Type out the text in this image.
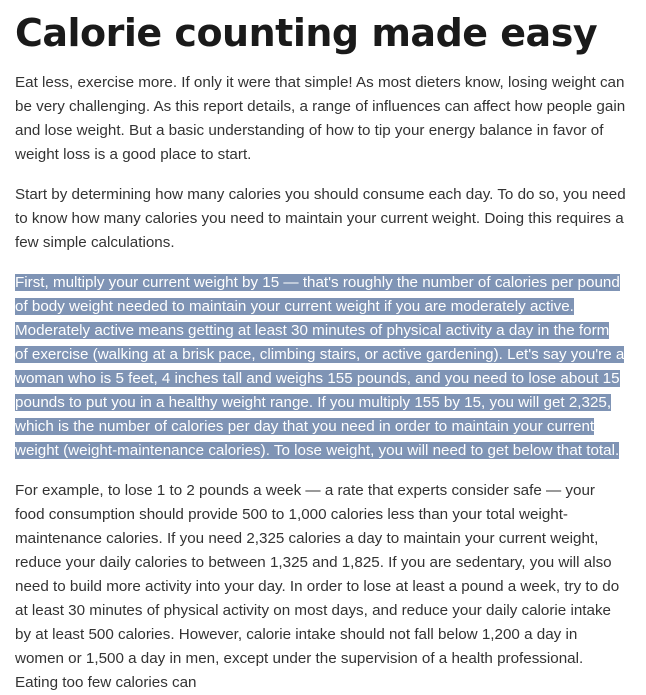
Calorie counting made easy

Eat less, exercise more. If only it were that simple! As most dieters know, losing weight can be very challenging. As this report details, a range of influences can affect how people gain and lose weight. But a basic understanding of how to tip your energy balance in favor of weight loss is a good place to start.

Start by determining how many calories you should consume each day. To do so, you need to know how many calories you need to maintain your current weight. Doing this requires a few simple calculations.

First, multiply your current weight by 15 — that's roughly the number of calories per pound of body weight needed to maintain your current weight if you are moderately active. Moderately active means getting at least 30 minutes of physical activity a day in the form of exercise (walking at a brisk pace, climbing stairs, or active gardening). Let's say you're a woman who is 5 feet, 4 inches tall and weighs 155 pounds, and you need to lose about 15 pounds to put you in a healthy weight range. If you multiply 155 by 15, you will get 2,325, which is the number of calories per day that you need in order to maintain your current weight (weight-maintenance calories). To lose weight, you will need to get below that total.

For example, to lose 1 to 2 pounds a week — a rate that experts consider safe — your food consumption should provide 500 to 1,000 calories less than your total weight-maintenance calories. If you need 2,325 calories a day to maintain your current weight, reduce your daily calories to between 1,325 and 1,825. If you are sedentary, you will also need to build more activity into your day. In order to lose at least a pound a week, try to do at least 30 minutes of physical activity on most days, and reduce your daily calorie intake by at least 500 calories. However, calorie intake should not fall below 1,200 a day in women or 1,500 a day in men, except under the supervision of a health professional. Eating too few calories can
